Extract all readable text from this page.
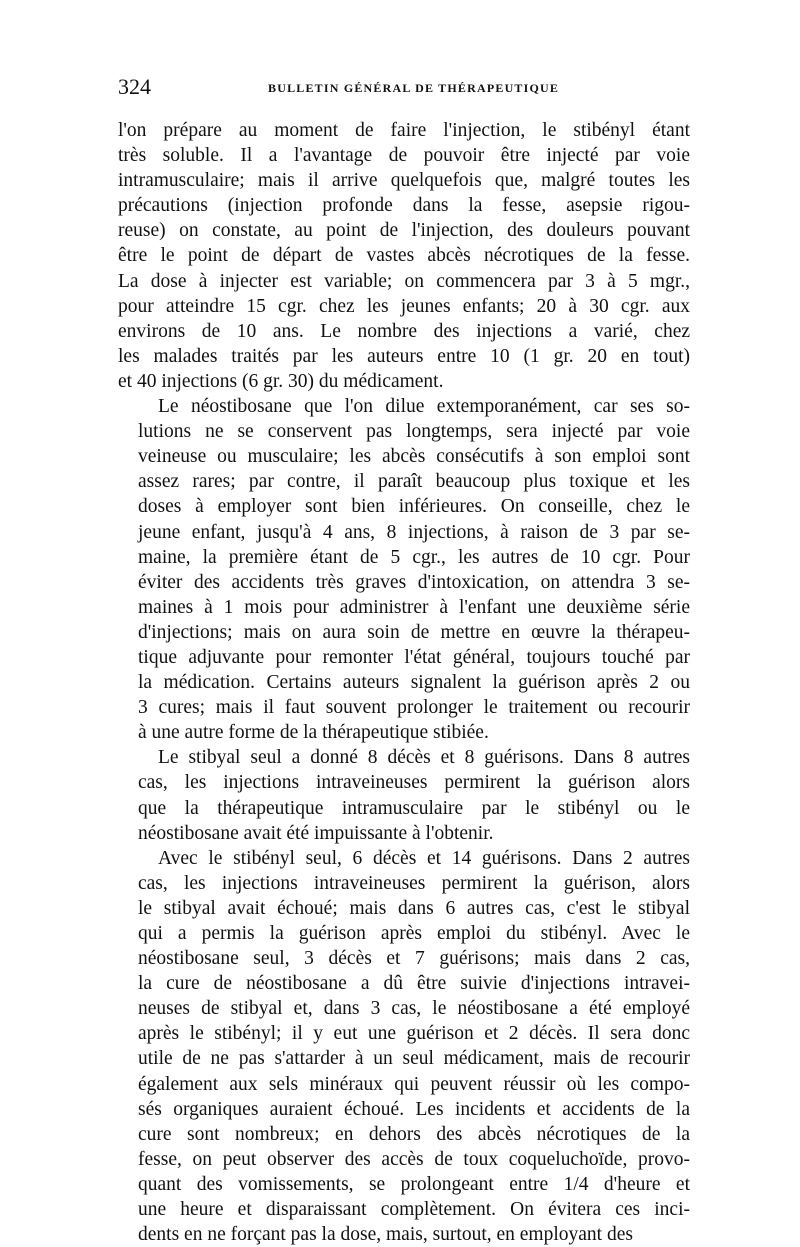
324	BULLETIN GÉNÉRAL DE THÉRAPEUTIQUE
l'on prépare au moment de faire l'injection, le stibényl étant
très soluble. Il a l'avantage de pouvoir être injecté par voie
intramusculaire; mais il arrive quelquefois que, malgré toutes les
précautions (injection profonde dans la fesse, asepsie rigou-
reuse) on constate, au point de l'injection, des douleurs pouvant
être le point de départ de vastes abcès nécrotiques de la fesse.
La dose à injecter est variable; on commencera par 3 à 5 mgr.,
pour atteindre 15 cgr. chez les jeunes enfants; 20 à 30 cgr. aux
environs de 10 ans. Le nombre des injections a varié, chez
les malades traités par les auteurs entre 10 (1 gr. 20 en tout)
et 40 injections (6 gr. 30) du médicament.
Le néostibosane que l'on dilue extemporanément, car ses so-
lutions ne se conservent pas longtemps, sera injecté par voie
veineuse ou musculaire; les abcès consécutifs à son emploi sont
assez rares; par contre, il paraît beaucoup plus toxique et les
doses à employer sont bien inférieures. On conseille, chez le
jeune enfant, jusqu'à 4 ans, 8 injections, à raison de 3 par se-
maine, la première étant de 5 cgr., les autres de 10 cgr. Pour
éviter des accidents très graves d'intoxication, on attendra 3 se-
maines à 1 mois pour administrer à l'enfant une deuxième série
d'injections; mais on aura soin de mettre en œuvre la thérapeu-
tique adjuvante pour remonter l'état général, toujours touché par
la médication. Certains auteurs signalent la guérison après 2 ou
3 cures; mais il faut souvent prolonger le traitement ou recourir
à une autre forme de la thérapeutique stibiée.
Le stibyal seul a donné 8 décès et 8 guérisons. Dans 8 autres
cas, les injections intraveineuses permirent la guérison alors
que la thérapeutique intramusculaire par le stibényl ou le
néostibosane avait été impuissante à l'obtenir.
Avec le stibényl seul, 6 décès et 14 guérisons. Dans 2 autres
cas, les injections intraveineuses permirent la guérison, alors
le stibyal avait échoué; mais dans 6 autres cas, c'est le stibyal
qui a permis la guérison après emploi du stibényl. Avec le
néostibosane seul, 3 décès et 7 guérisons; mais dans 2 cas,
la cure de néostibosane a dû être suivie d'injections intravei-
neuses de stibyal et, dans 3 cas, le néostibosane a été employé
après le stibényl; il y eut une guérison et 2 décès. Il sera donc
utile de ne pas s'attarder à un seul médicament, mais de recourir
également aux sels minéraux qui peuvent réussir où les compo-
sés organiques auraient échoué. Les incidents et accidents de la
cure sont nombreux; en dehors des abcès nécrotiques de la
fesse, on peut observer des accès de toux coqueluchoïde, provo-
quant des vomissements, se prolongeant entre 1/4 d'heure et
une heure et disparaissant complètement. On évitera ces inci-
dents en ne forçant pas la dose, mais, surtout, en employant des
